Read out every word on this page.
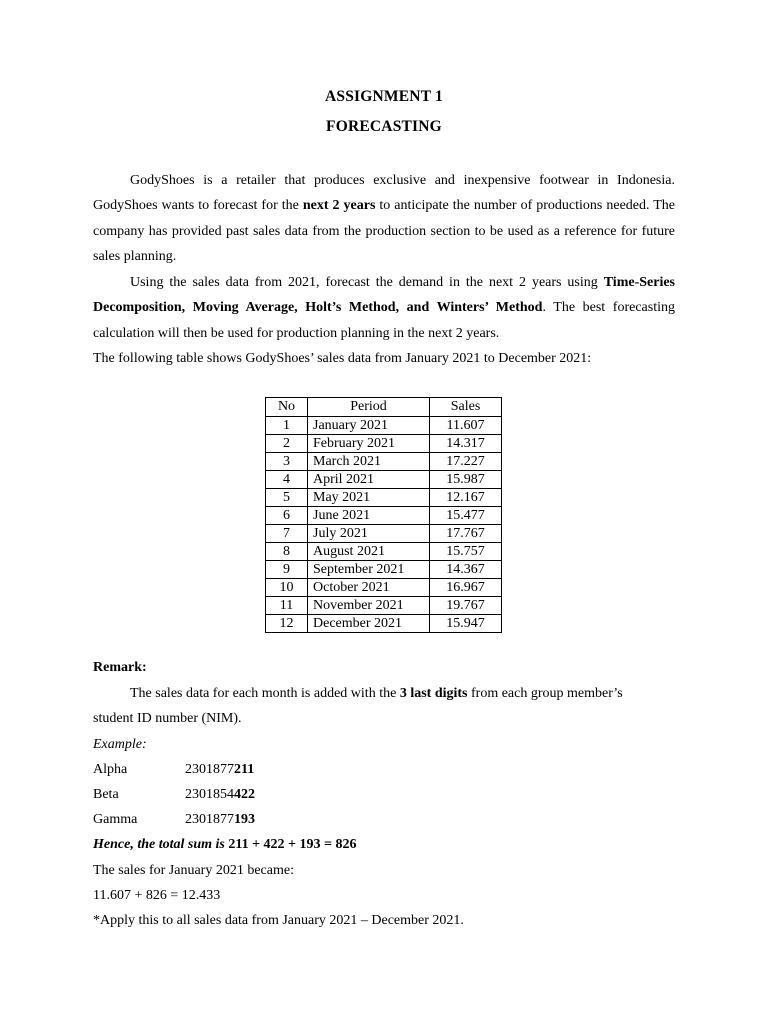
ASSIGNMENT 1
FORECASTING
GodyShoes is a retailer that produces exclusive and inexpensive footwear in Indonesia. GodyShoes wants to forecast for the next 2 years to anticipate the number of productions needed. The company has provided past sales data from the production section to be used as a reference for future sales planning.
Using the sales data from 2021, forecast the demand in the next 2 years using Time-Series Decomposition, Moving Average, Holt’s Method, and Winters’ Method. The best forecasting calculation will then be used for production planning in the next 2 years.
The following table shows GodyShoes’ sales data from January 2021 to December 2021:
No	Period	Sales
1	January 2021	11.607
2	February 2021	14.317
3	March 2021	17.227
4	April 2021	15.987
5	May 2021	12.167
6	June 2021	15.477
7	July 2021	17.767
8	August 2021	15.757
9	September 2021	14.367
10	October 2021	16.967
11	November 2021	19.767
12	December 2021	15.947
Remark:
The sales data for each month is added with the 3 last digits from each group member’s
student ID number (NIM).
Example:
Alpha	2301877211
Beta	2301854422
Gamma	2301877193
Hence, the total sum is 211 + 422 + 193 = 826
The sales for January 2021 became:
11.607 + 826 = 12.433
*Apply this to all sales data from January 2021 – December 2021.
